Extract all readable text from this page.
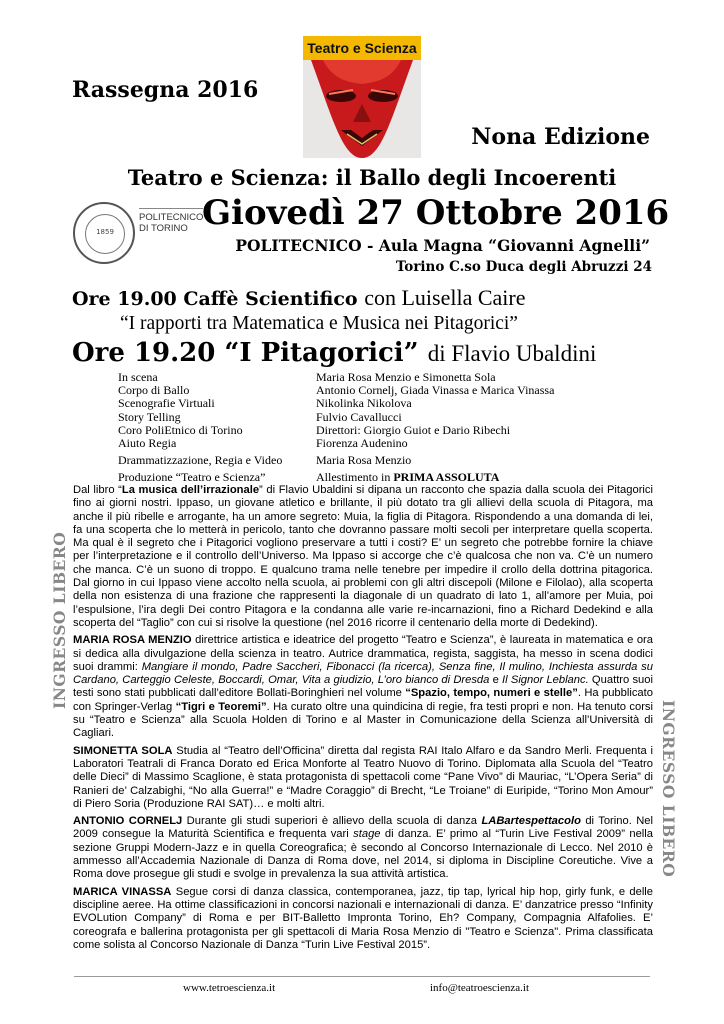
Teatro e Scienza
Rassegna 2016
Nona Edizione
Teatro e Scienza: il Ballo degli Incoerenti
1859
POLITECNICO
DI TORINO Giovedì 27 Ottobre 2016
POLITECNICO - Aula Magna “Giovanni Agnelli”
Torino C.so Duca degli Abruzzi 24
Ore 19.00 Caffè Scientifico con Luisella Caire
“I rapporti tra Matematica e Musica nei Pitagorici”
Ore 19.20 “I Pitagorici” di Flavio Ubaldini
In scena	Maria Rosa Menzio e Simonetta Sola
Corpo di Ballo	Antonio Cornelj, Giada Vinassa e Marica Vinassa
Scenografie Virtuali	Nikolinka Nikolova
Story Telling	Fulvio Cavallucci
Coro PoliEtnico di Torino	Direttori: Giorgio Guiot e Dario Ribechi
Aiuto Regia	Fiorenza Audenino
Drammatizzazione, Regia e Video	Maria Rosa Menzio
Produzione “Teatro e Scienza”	Allestimento in PRIMA ASSOLUTA
INGRESSO LIBERO
INGRESSO LIBERO

Dal libro “La musica dell’irrazionale” di Flavio Ubaldini si dipana un racconto che spazia dalla scuola dei Pitagorici fino ai giorni nostri. Ippaso, un giovane atletico e brillante, il più dotato tra gli allievi della scuola di Pitagora, ma anche il più ribelle e arrogante, ha un amore segreto: Muia, la figlia di Pitagora. Rispondendo a una domanda di lei, fa una scoperta che lo metterà in pericolo, tanto che dovranno passare molti secoli per interpretare quella scoperta. Ma qual è il segreto che i Pitagorici vogliono preservare a tutti i costi? E’ un segreto che potrebbe fornire la chiave per l’interpretazione e il controllo dell’Universo. Ma Ippaso si accorge che c’è qualcosa che non va. C’è un numero che manca. C’è un suono di troppo. E qualcuno trama nelle tenebre per impedire il crollo della dottrina pitagorica. Dal giorno in cui Ippaso viene accolto nella scuola, ai problemi con gli altri discepoli (Milone e Filolao), alla scoperta della non esistenza di una frazione che rappresenti la diagonale di un quadrato di lato 1, all’amore per Muia, poi l’espulsione, l’ira degli Dei contro Pitagora e la condanna alle varie re-incarnazioni, fino a Richard Dedekind e alla scoperta del “Taglio” con cui si risolve la questione (nel 2016 ricorre il centenario della morte di Dedekind).

MARIA ROSA MENZIO direttrice artistica e ideatrice del progetto “Teatro e Scienza”, è laureata in matematica e ora si dedica alla divulgazione della scienza in teatro. Autrice drammatica, regista, saggista, ha messo in scena dodici suoi drammi: Mangiare il mondo, Padre Saccheri, Fibonacci (la ricerca), Senza fine, Il mulino, Inchiesta assurda su Cardano, Carteggio Celeste, Boccardi, Omar, Vita a giudizio, L’oro bianco di Dresda e Il Signor Leblanc. Quattro suoi testi sono stati pubblicati dall’editore Bollati-Boringhieri nel volume “Spazio, tempo, numeri e stelle”. Ha pubblicato con Springer-Verlag “Tigri e Teoremi”. Ha curato oltre una quindicina di regie, fra testi propri e non. Ha tenuto corsi su “Teatro e Scienza” alla Scuola Holden di Torino e al Master in Comunicazione della Scienza all’Università di Cagliari.

SIMONETTA SOLA Studia al “Teatro dell’Officina” diretta dal regista RAI Italo Alfaro e da Sandro Merli. Frequenta i Laboratori Teatrali di Franca Dorato ed Erica Monforte al Teatro Nuovo di Torino. Diplomata alla Scuola del “Teatro delle Dieci” di Massimo Scaglione, è stata protagonista di spettacoli come “Pane Vivo” di Mauriac, “L’Opera Seria” di Ranieri de’ Calzabighi, “No alla Guerra!” e “Madre Coraggio” di Brecht, “Le Troiane” di Euripide, “Torino Mon Amour” di Piero Soria (Produzione RAI SAT)… e molti altri.

ANTONIO CORNELJ Durante gli studi superiori è allievo della scuola di danza LABartespettacolo di Torino. Nel 2009 consegue la Maturità Scientifica e frequenta vari stage di danza. E’ primo al “Turin Live Festival 2009” nella sezione Gruppi Modern-Jazz e in quella Coreografica; è secondo al Concorso Internazionale di Lecco. Nel 2010 è ammesso all’Accademia Nazionale di Danza di Roma dove, nel 2014, si diploma in Discipline Coreutiche. Vive a Roma dove prosegue gli studi e svolge in prevalenza la sua attività artistica.

MARICA VINASSA Segue corsi di danza classica, contemporanea, jazz, tip tap, lyrical hip hop, girly funk, e delle discipline aeree. Ha ottime classificazioni in concorsi nazionali e internazionali di danza. E’ danzatrice presso “Infinity EVOLution Company” di Roma e per BIT-Balletto Impronta Torino, Eh? Company, Compagnia Alfafolies. E’ coreografa e ballerina protagonista per gli spettacoli di Maria Rosa Menzio di "Teatro e Scienza". Prima classificata come solista al Concorso Nazionale di Danza “Turin Live Festival 2015”.

www.tetroescienza.it	info@teatroescienza.it
